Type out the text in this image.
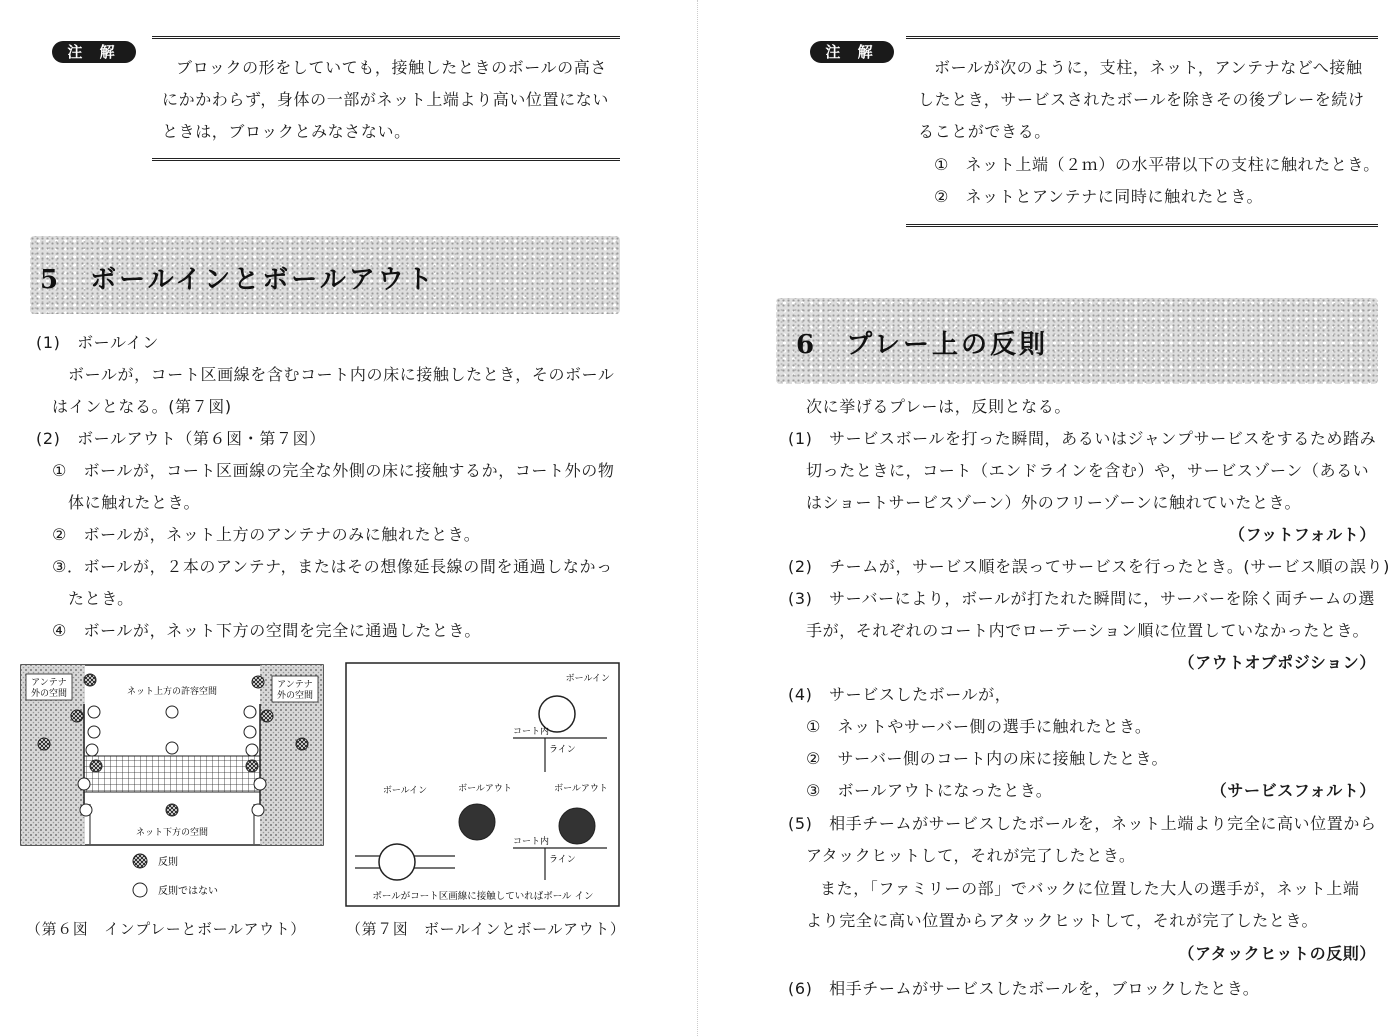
注 解
ブロックの形をしていても，接触したときのボールの高さ
にかかわらず，身体の一部がネット上端より高い位置にない
ときは，ブロックとみなさない。
5　ボールインとボールアウト
(1)　ボールイン
ボールが，コート区画線を含むコート内の床に接触したとき，そのボール
はインとなる。(第７図)
(2)　ボールアウト（第６図・第７図）
①　ボールが，コート区画線の完全な外側の床に接触するか，コート外の物
体に触れたとき。
②　ボールが，ネット上方のアンテナのみに触れたとき。
③．ボールが，２本のアンテナ，またはその想像延長線の間を通過しなかっ
たとき。
④　ボールが，ネット下方の空間を完全に通過したとき。
アンテナ
外の空間
アンテナ
外の空間
ネット上方の許容空間
ネット下方の空間
反則
反則ではない
ボールイン
コート内
ライン
ボールイン	ボールアウト	ボールアウト
コート内
ライン
ボールがコート区画線に接触していればボール イン
（第６図　インプレーとボールアウト）	（第７図　ボールインとボールアウト）
注 解
ボールが次のように，支柱，ネット，アンテナなどへ接触
したとき，サービスされたボールを除きその後プレーを続け
ることができる。
①　ネット上端（２ｍ）の水平帯以下の支柱に触れたとき。
②　ネットとアンテナに同時に触れたとき。
6　プレー上の反則
次に挙げるプレーは，反則となる。
(1)　サービスボールを打った瞬間，あるいはジャンプサービスをするため踏み
切ったときに，コート（エンドラインを含む）や，サービスゾーン（あるい
はショートサービスゾーン）外のフリーゾーンに触れていたとき。
（フットフォルト）
(2)　チームが，サービス順を誤ってサービスを行ったとき。(サービス順の誤り)
(3)　サーバーにより，ボールが打たれた瞬間に，サーバーを除く両チームの選
手が，それぞれのコート内でローテーション順に位置していなかったとき。
（アウトオブポジション）
(4)　サービスしたボールが，
①　ネットやサーバー側の選手に触れたとき。
②　サーバー側のコート内の床に接触したとき。
③　ボールアウトになったとき。	（サービスフォルト）
(5)　相手チームがサービスしたボールを，ネット上端より完全に高い位置から
アタックヒットして，それが完了したとき。
また，「ファミリーの部」でバックに位置した大人の選手が，ネット上端
より完全に高い位置からアタックヒットして，それが完了したとき。
（アタックヒットの反則）
(6)　相手チームがサービスしたボールを，ブロックしたとき。
